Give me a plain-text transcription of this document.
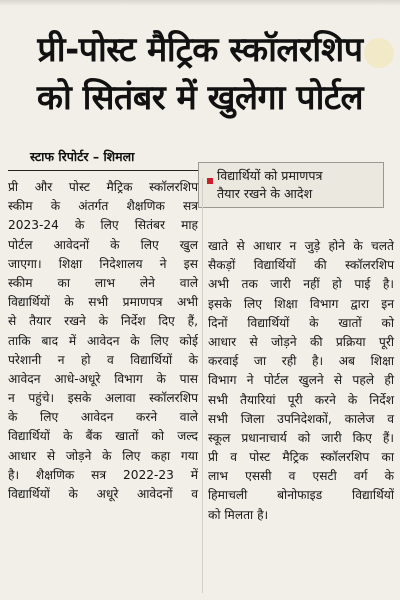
प्री-पोस्ट मैट्रिक स्कॉलरशिप
को सितंबर में खुलेगा पोर्टल
स्टाफ रिपोर्टर – शिमला
विद्यार्थियों को प्रमाणपत्र
तैयार रखने के आदेश
प्री और पोस्ट मैट्रिक स्कॉलरशिप
स्कीम के अंतर्गत शैक्षणिक सत्र
2023-24 के लिए सितंबर माह
पोर्टल आवेदनों के लिए खुल
जाएगा। शिक्षा निदेशालय ने इस
स्कीम का लाभ लेने वाले
विद्यार्थियों के सभी प्रमाणपत्र अभी
से तैयार रखने के निर्देश दिए हैं,
ताकि बाद में आवेदन के लिए कोई
परेशानी न हो व विद्यार्थियों के
आवेदन आधे-अधूरे विभाग के पास
न पहुंचे। इसके अलावा स्कॉलरशिप
के लिए आवेदन करने वाले
विद्यार्थियों के बैंक खातों को जल्द
आधार से जोड़ने के लिए कहा गया
है। शैक्षणिक सत्र 2022-23 में
विद्यार्थियों के अधूरे आवेदनों व
खाते से आधार न जुड़े होने के चलते
सैकड़ों विद्यार्थियों की स्कॉलरशिप
अभी तक जारी नहीं हो पाई है।
इसके लिए शिक्षा विभाग द्वारा इन
दिनों विद्यार्थियों के खातों को
आधार से जोड़ने की प्रक्रिया पूरी
करवाई जा रही है। अब शिक्षा
विभाग ने पोर्टल खुलने से पहले ही
सभी तैयारियां पूरी करने के निर्देश
सभी जिला उपनिदेशकों, कालेज व
स्कूल प्रधानाचार्य को जारी किए हैं।
प्री व पोस्ट मैट्रिक स्कॉलरशिप का
लाभ एससी व एसटी वर्ग के
हिमाचली बोनोफाइड विद्यार्थियों
को मिलता है।
